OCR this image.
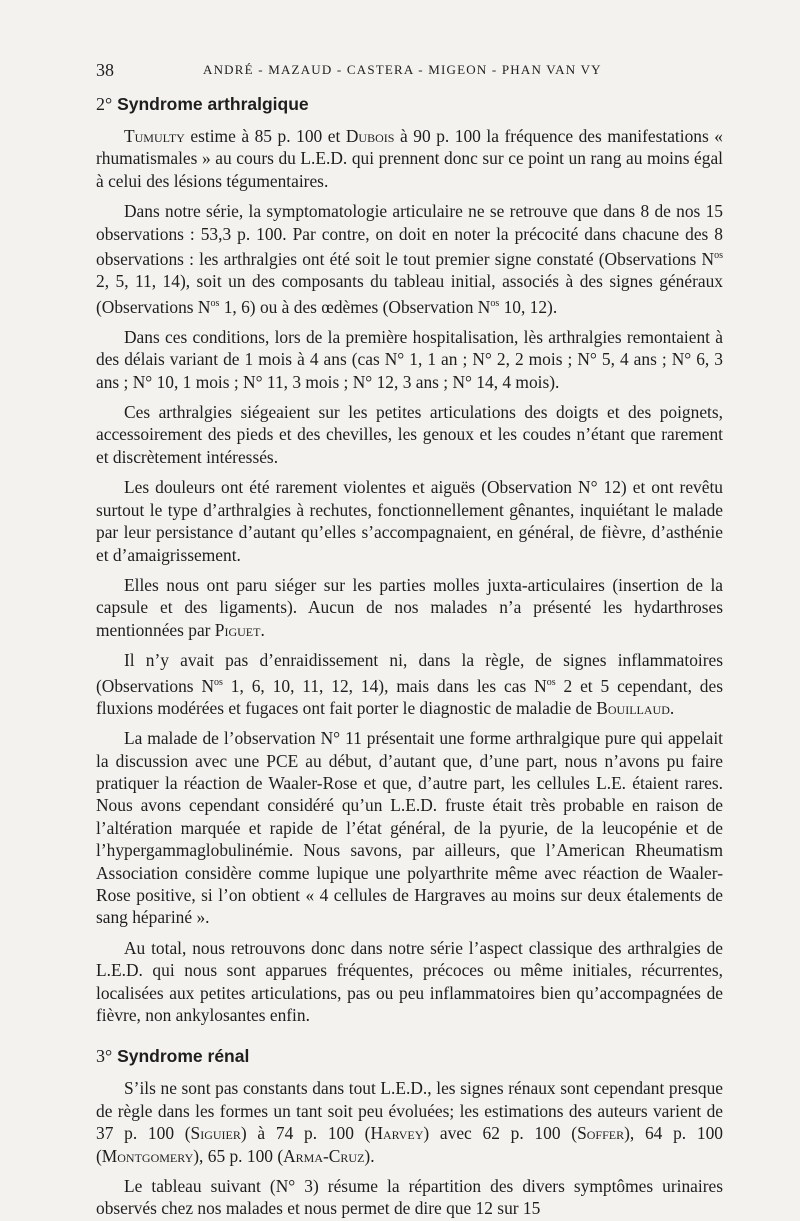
38	ANDRÉ - MAZAUD - CASTERA - MIGEON - PHAN VAN VY
2° Syndrome arthralgique

Tumulty estime à 85 p. 100 et Dubois à 90 p. 100 la fréquence des manifestations « rhumatismales » au cours du L.E.D. qui prennent donc sur ce point un rang au moins égal à celui des lésions tégumentaires.

Dans notre série, la symptomatologie articulaire ne se retrouve que dans 8 de nos 15 observations : 53,3 p. 100. Par contre, on doit en noter la précocité dans chacune des 8 observations : les arthralgies ont été soit le tout premier signe constaté (Observations $N^{os}$ 2, 5, 11, 14), soit un des composants du tableau initial, associés à des signes généraux (Observations $N^{os}$ 1, 6) ou à des œdèmes (Observation $N^{os}$ 10, 12).

Dans ces conditions, lors de la première hospitalisation, lès arthralgies remontaient à des délais variant de 1 mois à 4 ans (cas N° 1, 1 an ; N° 2, 2 mois ; N° 5, 4 ans ; N° 6, 3 ans ; N° 10, 1 mois ; N° 11, 3 mois ; N° 12, 3 ans ; N° 14, 4 mois).

Ces arthralgies siégeaient sur les petites articulations des doigts et des poignets, accessoirement des pieds et des chevilles, les genoux et les coudes n’étant que rarement et discrètement intéressés.

Les douleurs ont été rarement violentes et aiguës (Observation N° 12) et ont revêtu surtout le type d’arthralgies à rechutes, fonctionnellement gênantes, inquiétant le malade par leur persistance d’autant qu’elles s’accompagnaient, en général, de fièvre, d’asthénie et d’amaigrissement.

Elles nous ont paru siéger sur les parties molles juxta-articulaires (insertion de la capsule et des ligaments). Aucun de nos malades n’a présenté les hydarthroses mentionnées par Piguet.

Il n’y avait pas d’enraidissement ni, dans la règle, de signes inflammatoires (Observations $N^{os}$ 1, 6, 10, 11, 12, 14), mais dans les cas $N^{os}$ 2 et 5 cependant, des fluxions modérées et fugaces ont fait porter le diagnostic de maladie de Bouillaud.

La malade de l’observation N° 11 présentait une forme arthralgique pure qui appelait la discussion avec une PCE au début, d’autant que, d’une part, nous n’avons pu faire pratiquer la réaction de Waaler-Rose et que, d’autre part, les cellules L.E. étaient rares. Nous avons cependant considéré qu’un L.E.D. fruste était très probable en raison de l’altération marquée et rapide de l’état général, de la pyurie, de la leucopénie et de l’hypergammaglobulinémie. Nous savons, par ailleurs, que l’American Rheumatism Association considère comme lupique une polyarthrite même avec réaction de Waaler-Rose positive, si l’on obtient « 4 cellules de Hargraves au moins sur deux étalements de sang hépariné ».

Au total, nous retrouvons donc dans notre série l’aspect classique des arthralgies de L.E.D. qui nous sont apparues fréquentes, précoces ou même initiales, récurrentes, localisées aux petites articulations, pas ou peu inflammatoires bien qu’accompagnées de fièvre, non ankylosantes enfin.

3° Syndrome rénal

S’ils ne sont pas constants dans tout L.E.D., les signes rénaux sont cependant presque de règle dans les formes un tant soit peu évoluées; les estimations des auteurs varient de 37 p. 100 (Siguier) à 74 p. 100 (Harvey) avec 62 p. 100 (Soffer), 64 p. 100 (Montgomery), 65 p. 100 (Arma-Cruz).

Le tableau suivant (N° 3) résume la répartition des divers symptômes urinaires observés chez nos malades et nous permet de dire que 12 sur 15
